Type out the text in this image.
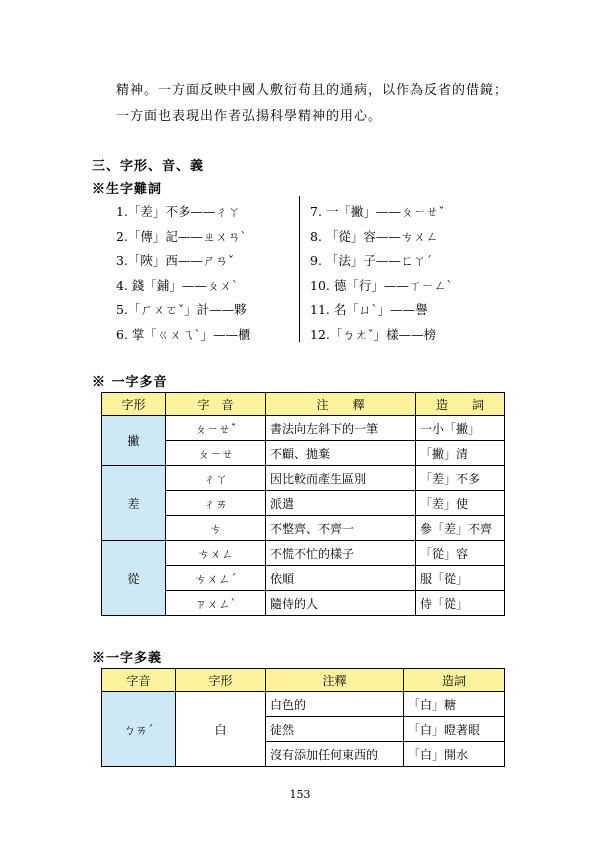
精神。一方面反映中國人敷衍苟且的通病，以作為反省的借鏡；
一方面也表現出作者弘揚科學精神的用心。
三、字形、音、義
※生字難詞
1.「差」不多——ㄔㄚ
2.「傳」記——ㄓㄨㄢˋ
3.「陜」西——ㄕㄢˇ
4. 錢「鋪」——ㄆㄨˋ
5.「ㄏㄨㄛˇ」計——夥
6. 掌「ㄍㄨㄟˋ」——櫃
7. 一「撇」——ㄆㄧㄝˇ
8. 「從」容——ㄘㄨㄥ
9. 「法」子——ㄈㄚˊ
10. 德「行」——ㄒㄧㄥˋ
11. 名「ㄩˋ」——譽
12.「ㄅㄤˇ」樣——榜
※ 一字多音
字形	字　音	注　　釋	造　　詞
撇	ㄆㄧㄝˇ	書法向左斜下的一筆	一小「撇」
	ㄆㄧㄝ	不顧、拋棄	「撇」清
差	ㄔㄚ	因比較而產生區別	「差」不多
	ㄔㄞ	派遣	「差」使
	ㄘ	不整齊、不齊一	參「差」不齊
從	ㄘㄨㄥ	不慌不忙的樣子	「從」容
	ㄘㄨㄥˊ	依順	服「從」
	ㄗㄨㄥˋ	隨侍的人	侍「從」
※一字多義
字音	字形	注釋	造詞
ㄅㄞˊ	白	白色的	「白」糖
		徒然	「白」瞪著眼
		沒有添加任何東西的	「白」開水
153
